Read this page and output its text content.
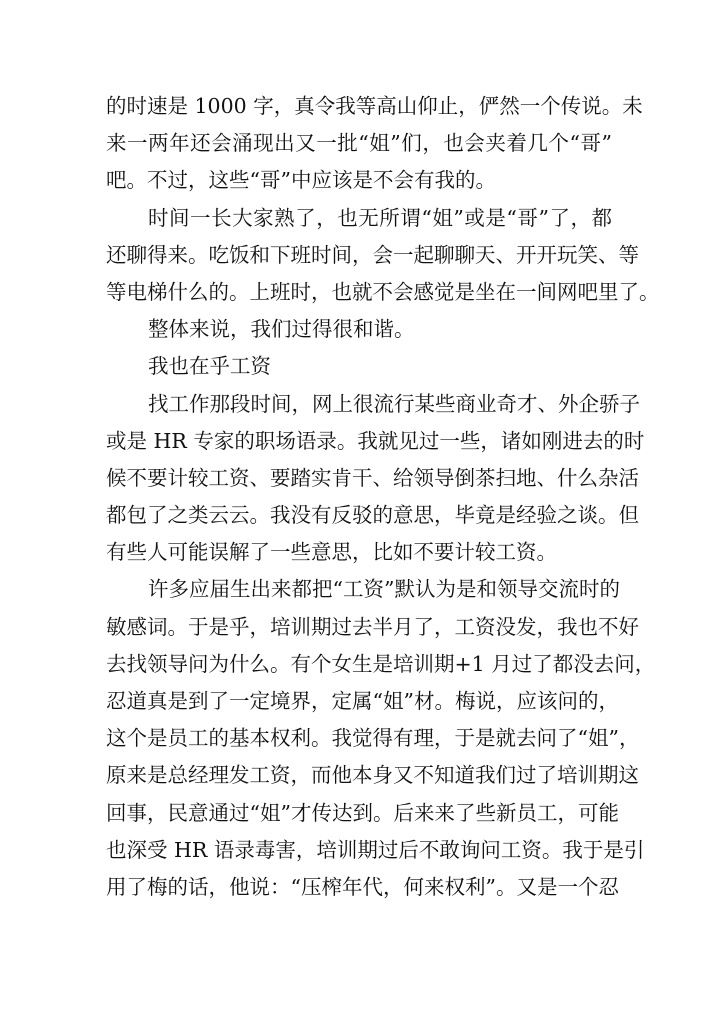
的时速是 1000 字，真令我等高山仰止，俨然一个传说。未
来一两年还会涌现出又一批“姐”们，也会夹着几个“哥”
吧。不过，这些“哥”中应该是不会有我的。
时间一长大家熟了，也无所谓“姐”或是“哥”了，都
还聊得来。吃饭和下班时间，会一起聊聊天、开开玩笑、等
等电梯什么的。上班时，也就不会感觉是坐在一间网吧里了。
整体来说，我们过得很和谐。
我也在乎工资
找工作那段时间，网上很流行某些商业奇才、外企骄子
或是 HR 专家的职场语录。我就见过一些，诸如刚进去的时
候不要计较工资、要踏实肯干、给领导倒茶扫地、什么杂活
都包了之类云云。我没有反驳的意思，毕竟是经验之谈。但
有些人可能误解了一些意思，比如不要计较工资。
许多应届生出来都把“工资”默认为是和领导交流时的
敏感词。于是乎，培训期过去半月了，工资没发，我也不好
去找领导问为什么。有个女生是培训期+1 月过了都没去问，
忍道真是到了一定境界，定属“姐”材。梅说，应该问的，
这个是员工的基本权利。我觉得有理，于是就去问了“姐”，
原来是总经理发工资，而他本身又不知道我们过了培训期这
回事，民意通过“姐”才传达到。后来来了些新员工，可能
也深受 HR 语录毒害，培训期过后不敢询问工资。我于是引
用了梅的话，他说：“压榨年代，何来权利”。又是一个忍
